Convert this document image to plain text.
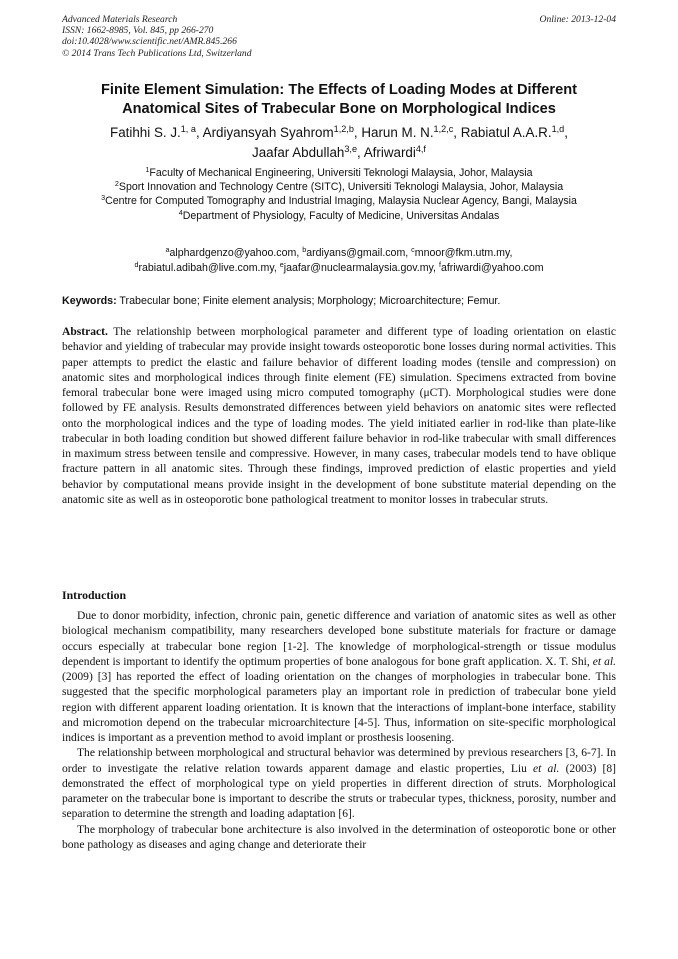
Advanced Materials Research
ISSN: 1662-8985, Vol. 845, pp 266-270
doi:10.4028/www.scientific.net/AMR.845.266
© 2014 Trans Tech Publications Ltd, Switzerland
Online: 2013-12-04
Finite Element Simulation: The Effects of Loading Modes at Different
Anatomical Sites of Trabecular Bone on Morphological Indices
Fatihhi S. J.$^{1, a}$, Ardiyansyah Syahrom$^{1,2,b}$, Harun M. N.$^{1,2,c}$, Rabiatul A.A.R.$^{1,d}$,
Jaafar Abdullah$^{3,e}$, Afriwardi$^{4,f}$
$^1$Faculty of Mechanical Engineering, Universiti Teknologi Malaysia, Johor, Malaysia
$^2$Sport Innovation and Technology Centre (SITC), Universiti Teknologi Malaysia, Johor, Malaysia
$^3$Centre for Computed Tomography and Industrial Imaging, Malaysia Nuclear Agency, Bangi, Malaysia
$^4$Department of Physiology, Faculty of Medicine, Universitas Andalas
$^a$alphardgenzo@yahoo.com, $^b$ardiyans@gmail.com, $^c$mnoor@fkm.utm.my,
$^d$rabiatul.adibah@live.com.my, $^e$jaafar@nuclearmalaysia.gov.my, $^f$afriwardi@yahoo.com
Keywords: Trabecular bone; Finite element analysis; Morphology; Microarchitecture; Femur.
Abstract. The relationship between morphological parameter and different type of loading orientation on elastic behavior and yielding of trabecular may provide insight towards osteoporotic bone losses during normal activities. This paper attempts to predict the elastic and failure behavior of different loading modes (tensile and compression) on anatomic sites and morphological indices through finite element (FE) simulation. Specimens extracted from bovine femoral trabecular bone were imaged using micro computed tomography (μCT). Morphological studies were done followed by FE analysis. Results demonstrated differences between yield behaviors on anatomic sites were reflected onto the morphological indices and the type of loading modes. The yield initiated earlier in rod-like than plate-like trabecular in both loading condition but showed different failure behavior in rod-like trabecular with small differences in maximum stress between tensile and compressive. However, in many cases, trabecular models tend to have oblique fracture pattern in all anatomic sites. Through these findings, improved prediction of elastic properties and yield behavior by computational means provide insight in the development of bone substitute material depending on the anatomic site as well as in osteoporotic bone pathological treatment to monitor losses in trabecular struts.
Introduction

Due to donor morbidity, infection, chronic pain, genetic difference and variation of anatomic sites as well as other biological mechanism compatibility, many researchers developed bone substitute materials for fracture or damage occurs especially at trabecular bone region [1-2]. The knowledge of morphological-strength or tissue modulus dependent is important to identify the optimum properties of bone analogous for bone graft application. X. T. Shi, et al. (2009) [3] has reported the effect of loading orientation on the changes of morphologies in trabecular bone. This suggested that the specific morphological parameters play an important role in prediction of trabecular bone yield region with different apparent loading orientation. It is known that the interactions of implant-bone interface, stability and micromotion depend on the trabecular microarchitecture [4-5]. Thus, information on site-specific morphological indices is important as a prevention method to avoid implant or prosthesis loosening.

The relationship between morphological and structural behavior was determined by previous researchers [3, 6-7]. In order to investigate the relative relation towards apparent damage and elastic properties, Liu et al. (2003) [8] demonstrated the effect of morphological type on yield properties in different direction of struts. Morphological parameter on the trabecular bone is important to describe the struts or trabecular types, thickness, porosity, number and separation to determine the strength and loading adaptation [6].

The morphology of trabecular bone architecture is also involved in the determination of osteoporotic bone or other bone pathology as diseases and aging change and deteriorate their
